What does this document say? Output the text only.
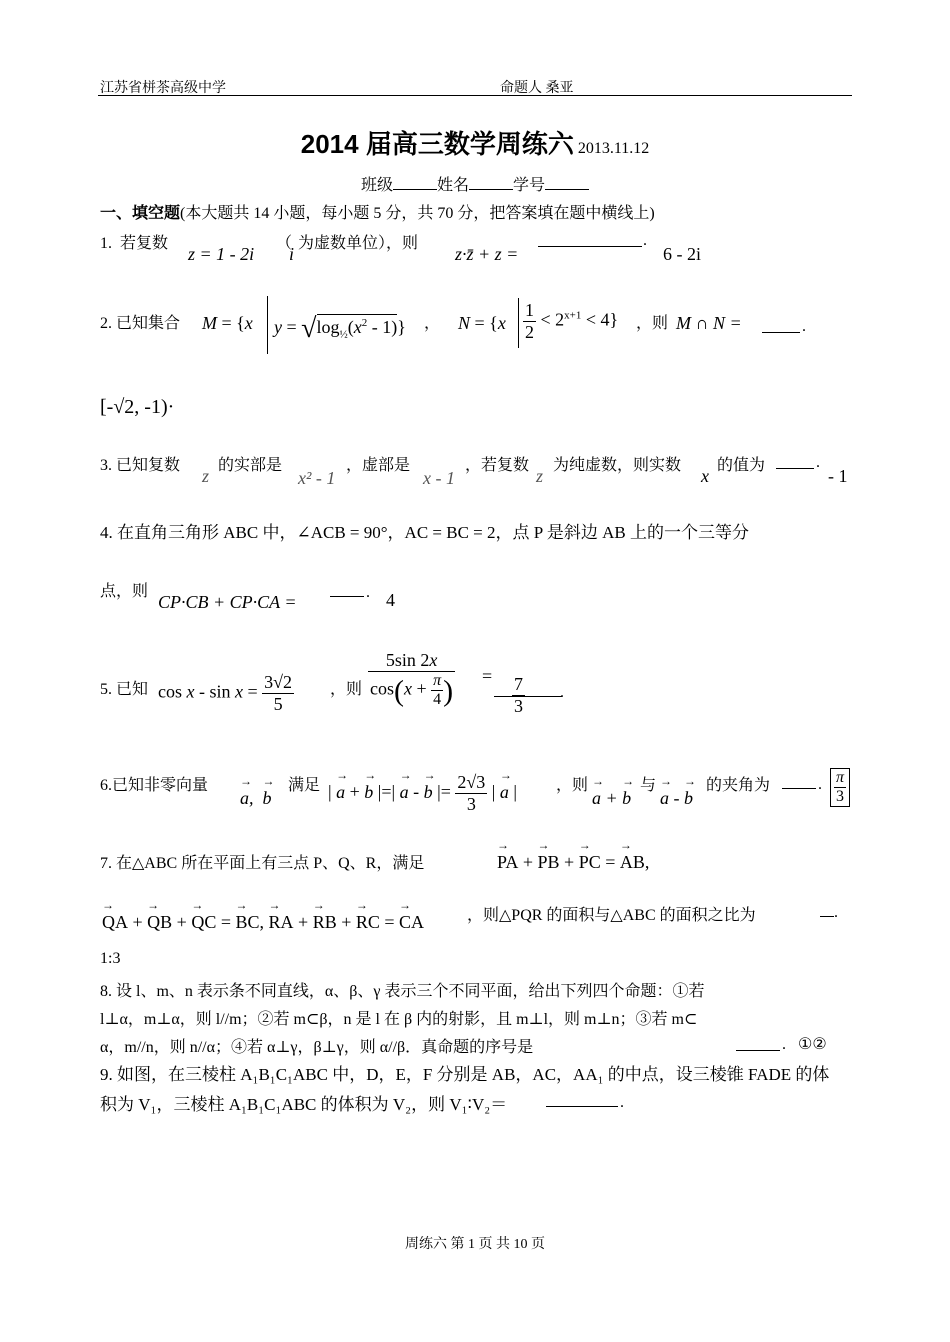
江苏省栟茶高级中学	命题人 桑亚
2014 届高三数学周练六 2013.11.12
班级	姓名	学号
一、填空题(本大题共 14 小题，每小题 5 分，共 70 分，把答案填在题中横线上)
1. 若复数
z = 1 - 2i
（
i
为虚数单位），则
z·z̄ + z =
.
6 - 2i
2. 已知集合 M = {x $y = √\log_{\frac{1}{2}}(x^2 - 1)$} ， $N = \{x \frac{1}{2} < 2^{x+1} < 4\}$ ，则 M ∩ N =	.
[-√2, -1)·
3. 已知复数
z
的实部是
x² - 1
，虚部是
x - 1
，若复数
z
为纯虚数，则实数
x
的值为	.
- 1
4. 在直角三角形 ABC 中，∠ACB = 90°，AC = BC = 2，点 P 是斜边 AB 上的一个三等分
点，则
CP·CB + CP·CA =	. 4
5. 已知 $\cos x - \sin x = \frac{3√2}{5}$ ，则 $\frac{5\sin 2x}{\cos(x + \frac{\pi}{4} )} = \frac{7}{3}$ .
6.已知非零向量
→ a,  → b
满足 | → a + → b |=| → a - → b |= $\frac{2√3}{3}$ | → a | ，则
→ a + → b
与
→ a - → b
的夹角为	. $\frac{\pi}{3}$
7. 在△ABC 所在平面上有三点 P、Q、R，满足
→	PA + → PB + → PC = → AB,
→ QA + → QB + → QC = → BC, → RA + → RB + → RC = → CA	，则△PQR 的面积与△ABC 的面积之比为	.
1:3
8. 设 l、m、n 表示条不同直线，α、β、γ 表示三个不同平面，给出下列四个命题：①若
l⊥α，m⊥α，则 l//m；②若 m⊂β，n 是 l 在 β 内的射影，且 m⊥l，则 m⊥n；③若 m⊂
α，m//n，则 n//α；④若 α⊥γ，β⊥γ，则 α//β．真命题的序号是	. ①②
9. 如图，在三棱柱 A₁B₁C₁ABC 中，D，E，F 分别是 AB，AC，AA₁ 的中点，设三棱锥 FADE 的体
积为 V₁，三棱柱 A₁B₁C₁ABC 的体积为 V₂，则 V₁∶V₂＝	.
周练六 第 1 页 共 10 页
